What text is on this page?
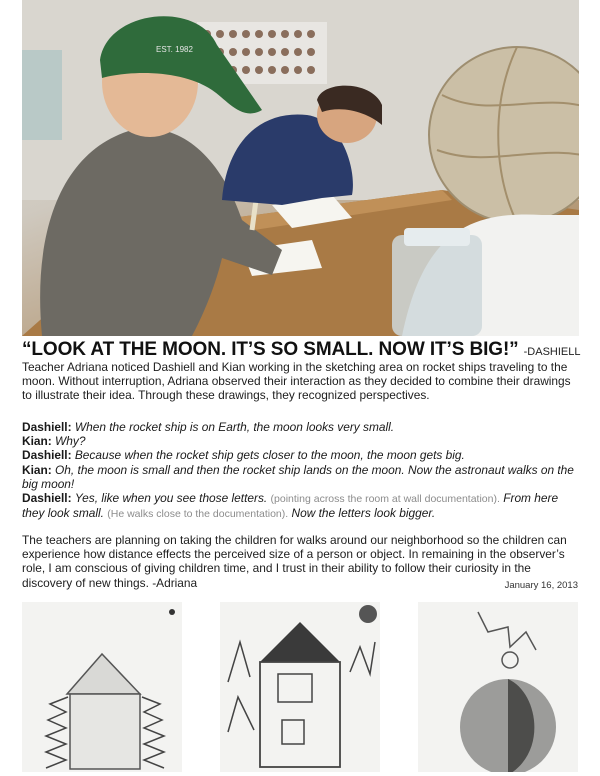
EST. 1982
“LOOK AT THE MOON. IT’S SO SMALL. NOW IT’S BIG!” -DASHIELL

Teacher Adriana noticed Dashiell and Kian working in the sketching area on rocket ships traveling to the moon. Without interruption, Adriana observed their interaction as they decided to combine their drawings to illustrate their idea. Through these drawings, they recognized perspectives.

Dashiell: When the rocket ship is on Earth, the moon looks very small.

Kian: Why?

Dashiell: Because when the rocket ship gets closer to the moon, the moon gets big.

Kian: Oh, the moon is small and then the rocket ship lands on the moon. Now the astronaut walks on the big moon!

Dashiell: Yes, like when you see those letters. (pointing across the room at wall documentation). From here they look small. (He walks close to the documentation). Now the letters look bigger.

The teachers are planning on taking the children for walks around our neighborhood so the children can experience how distance effects the perceived size of a person or object. In remaining in the observer’s role, I am conscious of giving children time, and I trust in their ability to follow their curiosity in the discovery of new things. -Adriana	January 16, 2013
